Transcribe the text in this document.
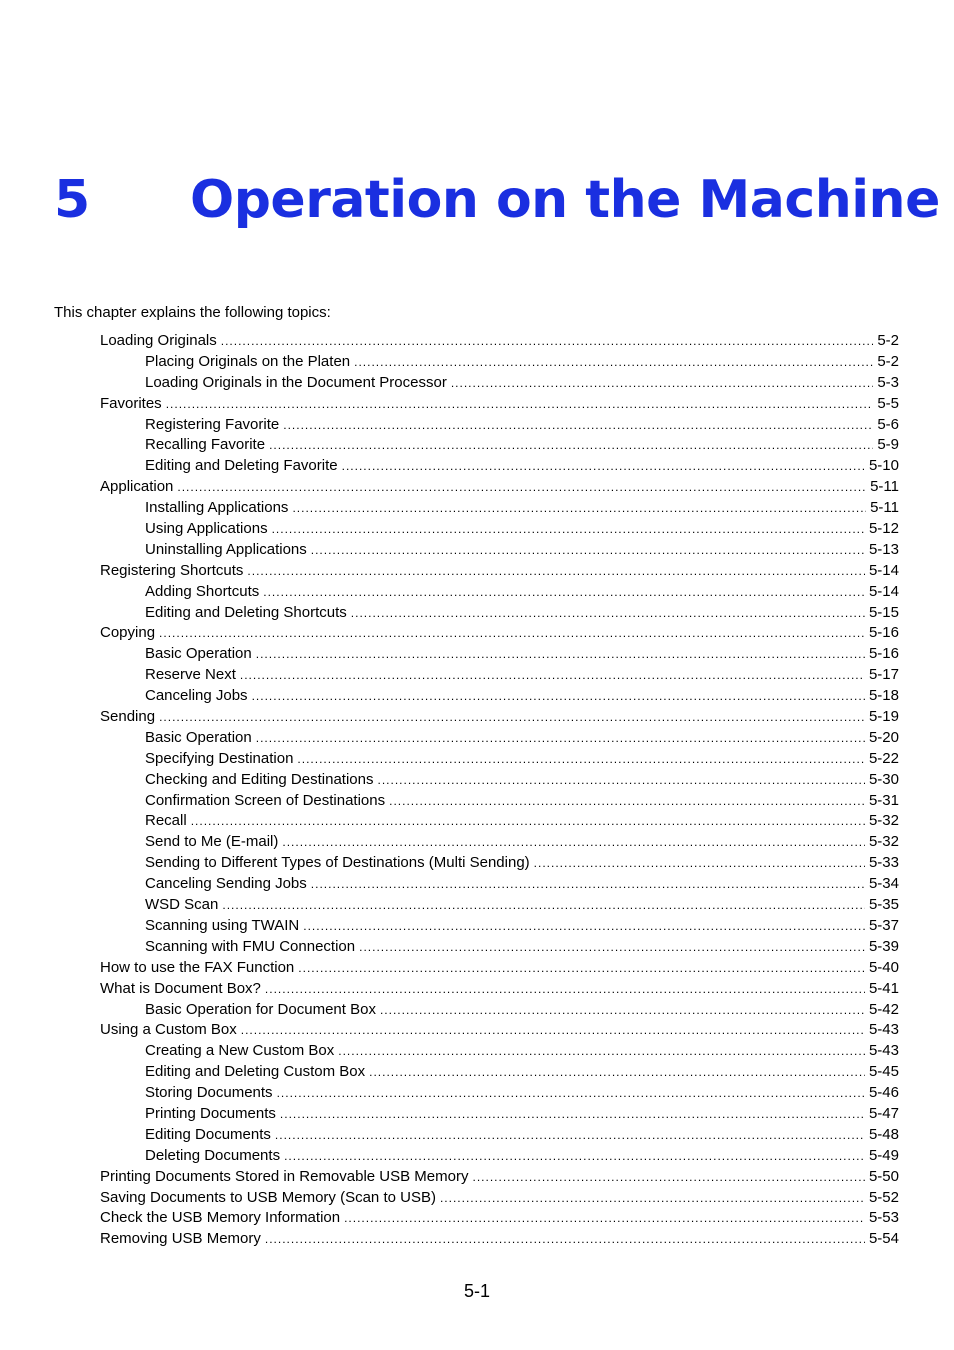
5 Operation on the Machine
This chapter explains the following topics:
Loading Originals .....	5-2
Placing Originals on the Platen .....	5-2
Loading Originals in the Document Processor .....	5-3
Favorites .....	5-5
Registering Favorite .....	5-6
Recalling Favorite .....	5-9
Editing and Deleting Favorite .....	5-10
Application .....	5-11
Installing Applications .....	5-11
Using Applications .....	5-12
Uninstalling Applications .....	5-13
Registering Shortcuts .....	5-14
Adding Shortcuts .....	5-14
Editing and Deleting Shortcuts .....	5-15
Copying .....	5-16
Basic Operation .....	5-16
Reserve Next .....	5-17
Canceling Jobs .....	5-18
Sending .....	5-19
Basic Operation .....	5-20
Specifying Destination .....	5-22
Checking and Editing Destinations .....	5-30
Confirmation Screen of Destinations .....	5-31
Recall .....	5-32
Send to Me (E-mail) .....	5-32
Sending to Different Types of Destinations (Multi Sending) .....	5-33
Canceling Sending Jobs .....	5-34
WSD Scan .....	5-35
Scanning using TWAIN .....	5-37
Scanning with FMU Connection .....	5-39
How to use the FAX Function .....	5-40
What is Document Box? .....	5-41
Basic Operation for Document Box .....	5-42
Using a Custom Box .....	5-43
Creating a New Custom Box .....	5-43
Editing and Deleting Custom Box .....	5-45
Storing Documents .....	5-46
Printing Documents .....	5-47
Editing Documents .....	5-48
Deleting Documents .....	5-49
Printing Documents Stored in Removable USB Memory .....	5-50
Saving Documents to USB Memory (Scan to USB) .....	5-52
Check the USB Memory Information .....	5-53
Removing USB Memory .....	5-54
5-1
